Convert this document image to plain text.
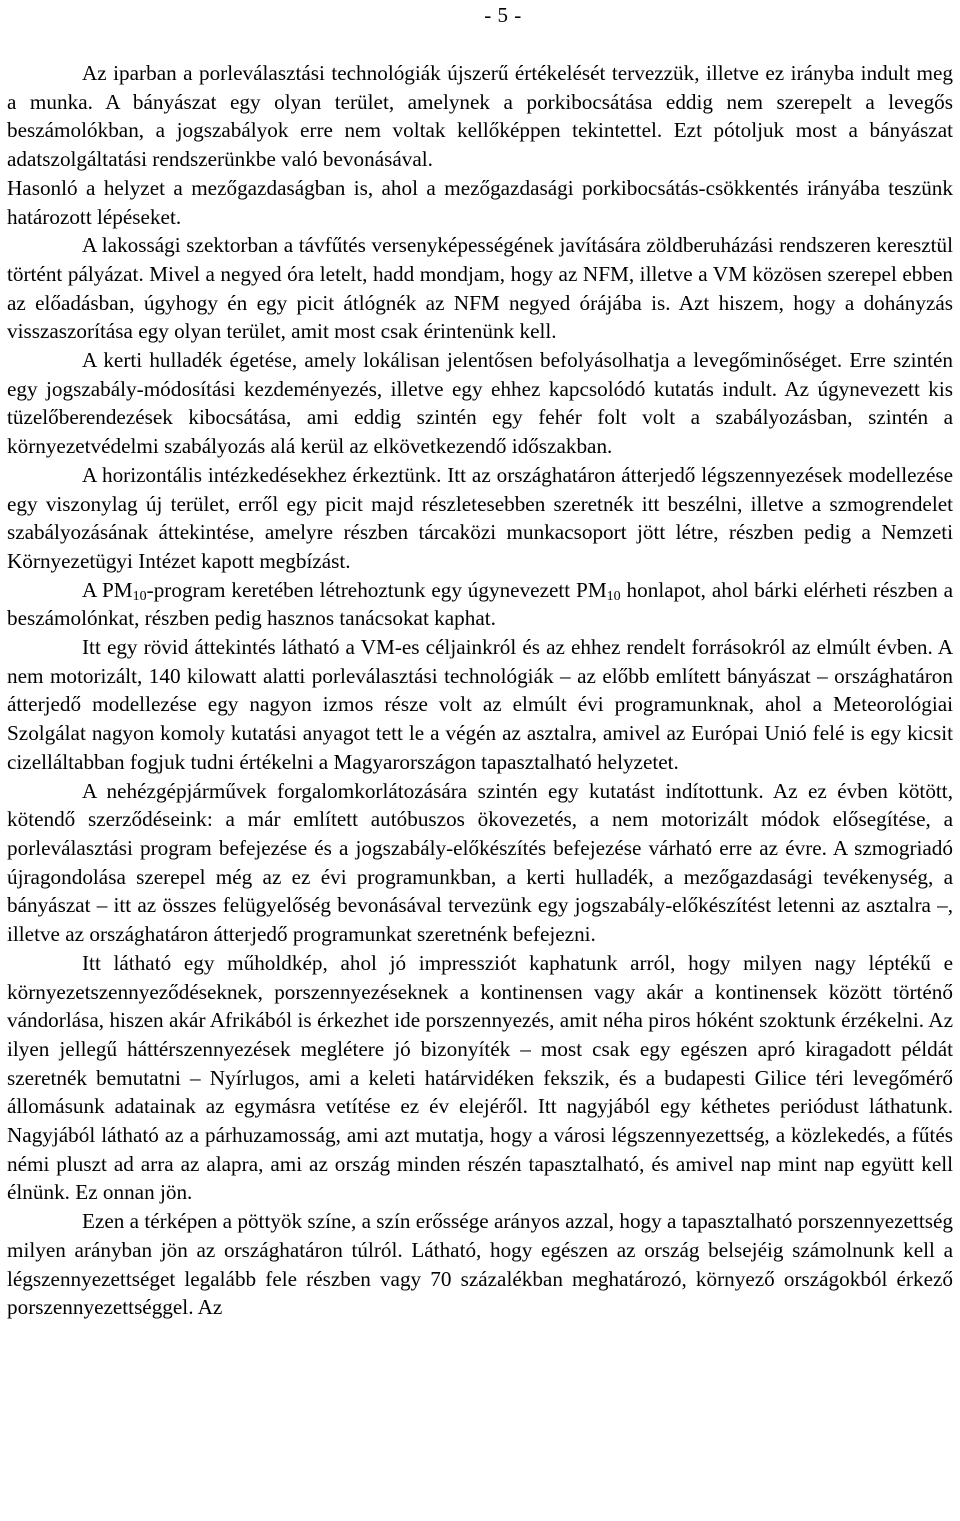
- 5 -

Az iparban a porleválasztási technológiák újszerű értékelését tervezzük, illetve ez irányba indult meg a munka. A bányászat egy olyan terület, amelynek a porkibocsátása eddig nem szerepelt a levegős beszámolókban, a jogszabályok erre nem voltak kellőképpen tekintettel. Ezt pótoljuk most a bányászat adatszolgáltatási rendszerünkbe való bevonásával.

Hasonló a helyzet a mezőgazdaságban is, ahol a mezőgazdasági porkibocsátás-csökkentés irányába teszünk határozott lépéseket.

A lakossági szektorban a távfűtés versenyképességének javítására zöldberuházási rendszeren keresztül történt pályázat. Mivel a negyed óra letelt, hadd mondjam, hogy az NFM, illetve a VM közösen szerepel ebben az előadásban, úgyhogy én egy picit átlógnék az NFM negyed órájába is. Azt hiszem, hogy a dohányzás visszaszorítása egy olyan terület, amit most csak érintenünk kell.

A kerti hulladék égetése, amely lokálisan jelentősen befolyásolhatja a levegőminőséget. Erre szintén egy jogszabály-módosítási kezdeményezés, illetve egy ehhez kapcsolódó kutatás indult. Az úgynevezett kis tüzelőberendezések kibocsátása, ami eddig szintén egy fehér folt volt a szabályozásban, szintén a környezetvédelmi szabályozás alá kerül az elkövetkezendő időszakban.

A horizontális intézkedésekhez érkeztünk. Itt az országhatáron átterjedő légszennyezések modellezése egy viszonylag új terület, erről egy picit majd részletesebben szeretnék itt beszélni, illetve a szmogrendelet szabályozásának áttekintése, amelyre részben tárcaközi munkacsoport jött létre, részben pedig a Nemzeti Környezetügyi Intézet kapott megbízást.

A $PM_{10}$-program keretében létrehoztunk egy úgynevezett $PM_{10}$ honlapot, ahol bárki elérheti részben a beszámolónkat, részben pedig hasznos tanácsokat kaphat.

Itt egy rövid áttekintés látható a VM-es céljainkról és az ehhez rendelt forrásokról az elmúlt évben. A nem motorizált, 140 kilowatt alatti porleválasztási technológiák – az előbb említett bányászat – országhatáron átterjedő modellezése egy nagyon izmos része volt az elmúlt évi programunknak, ahol a Meteorológiai Szolgálat nagyon komoly kutatási anyagot tett le a végén az asztalra, amivel az Európai Unió felé is egy kicsit cizelláltabban fogjuk tudni értékelni a Magyarországon tapasztalható helyzetet.

A nehézgépjárművek forgalomkorlátozására szintén egy kutatást indítottunk. Az ez évben kötött, kötendő szerződéseink: a már említett autóbuszos ökovezetés, a nem motorizált módok elősegítése, a porleválasztási program befejezése és a jogszabály-előkészítés befejezése várható erre az évre. A szmogriadó újragondolása szerepel még az ez évi programunkban, a kerti hulladék, a mezőgazdasági tevékenység, a bányászat – itt az összes felügyelőség bevonásával tervezünk egy jogszabály-előkészítést letenni az asztalra –, illetve az országhatáron átterjedő programunkat szeretnénk befejezni.

Itt látható egy műholdkép, ahol jó impressziót kaphatunk arról, hogy milyen nagy léptékű e környezetszennyeződéseknek, porszennyezéseknek a kontinensen vagy akár a kontinensek között történő vándorlása, hiszen akár Afrikából is érkezhet ide porszennyezés, amit néha piros hóként szoktunk érzékelni. Az ilyen jellegű háttérszennyezések meglétere jó bizonyíték – most csak egy egészen apró kiragadott példát szeretnék bemutatni – Nyírlugos, ami a keleti határvidéken fekszik, és a budapesti Gilice téri levegőmérő állomásunk adatainak az egymásra vetítése ez év elejéről. Itt nagyjából egy kéthetes periódust láthatunk. Nagyjából látható az a párhuzamosság, ami azt mutatja, hogy a városi légszennyezettség, a közlekedés, a fűtés némi pluszt ad arra az alapra, ami az ország minden részén tapasztalható, és amivel nap mint nap együtt kell élnünk. Ez onnan jön.

Ezen a térképen a pöttyök színe, a szín erőssége arányos azzal, hogy a tapasztalható porszennyezettség milyen arányban jön az országhatáron túlról. Látható, hogy egészen az ország belsejéig számolnunk kell a légszennyezettséget legalább fele részben vagy 70 százalékban meghatározó, környező országokból érkező porszennyezettséggel. Az
